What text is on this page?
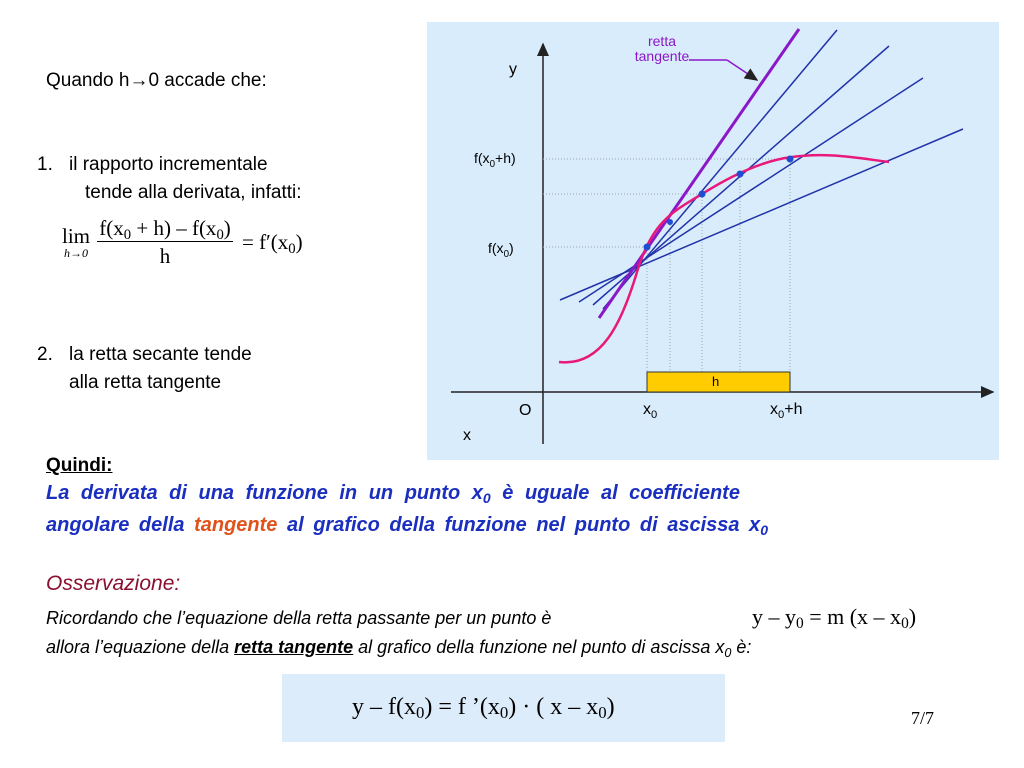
Quando h→0 accade che:
1. il rapporto incrementale
tende alla derivata, infatti:
lim
h→0
$\frac{f(x_0 + h) - f(x_0)}{h} = f'(x_0)$
2. la retta secante tende
alla retta tangente
y
x
O
retta
tangente
$f(x_0+h)$
$f(x_0)$
$x_0$	$x_0+h$
h
Quindi:
La derivata di una funzione in un punto $x_0$ è uguale al coefficiente
angolare della tangente al grafico della funzione nel punto di ascissa $x_0$
Osservazione:
Ricordando che l’equazione della retta passante per un punto è	$y - y_0 = m$ $(x - x_0)$
allora l’equazione della retta tangente al grafico della funzione nel punto di ascissa $x_0$ è:
$y - f(x_0) = f$ $’(x_0)$ · ( x – $x_0$)	7/7
